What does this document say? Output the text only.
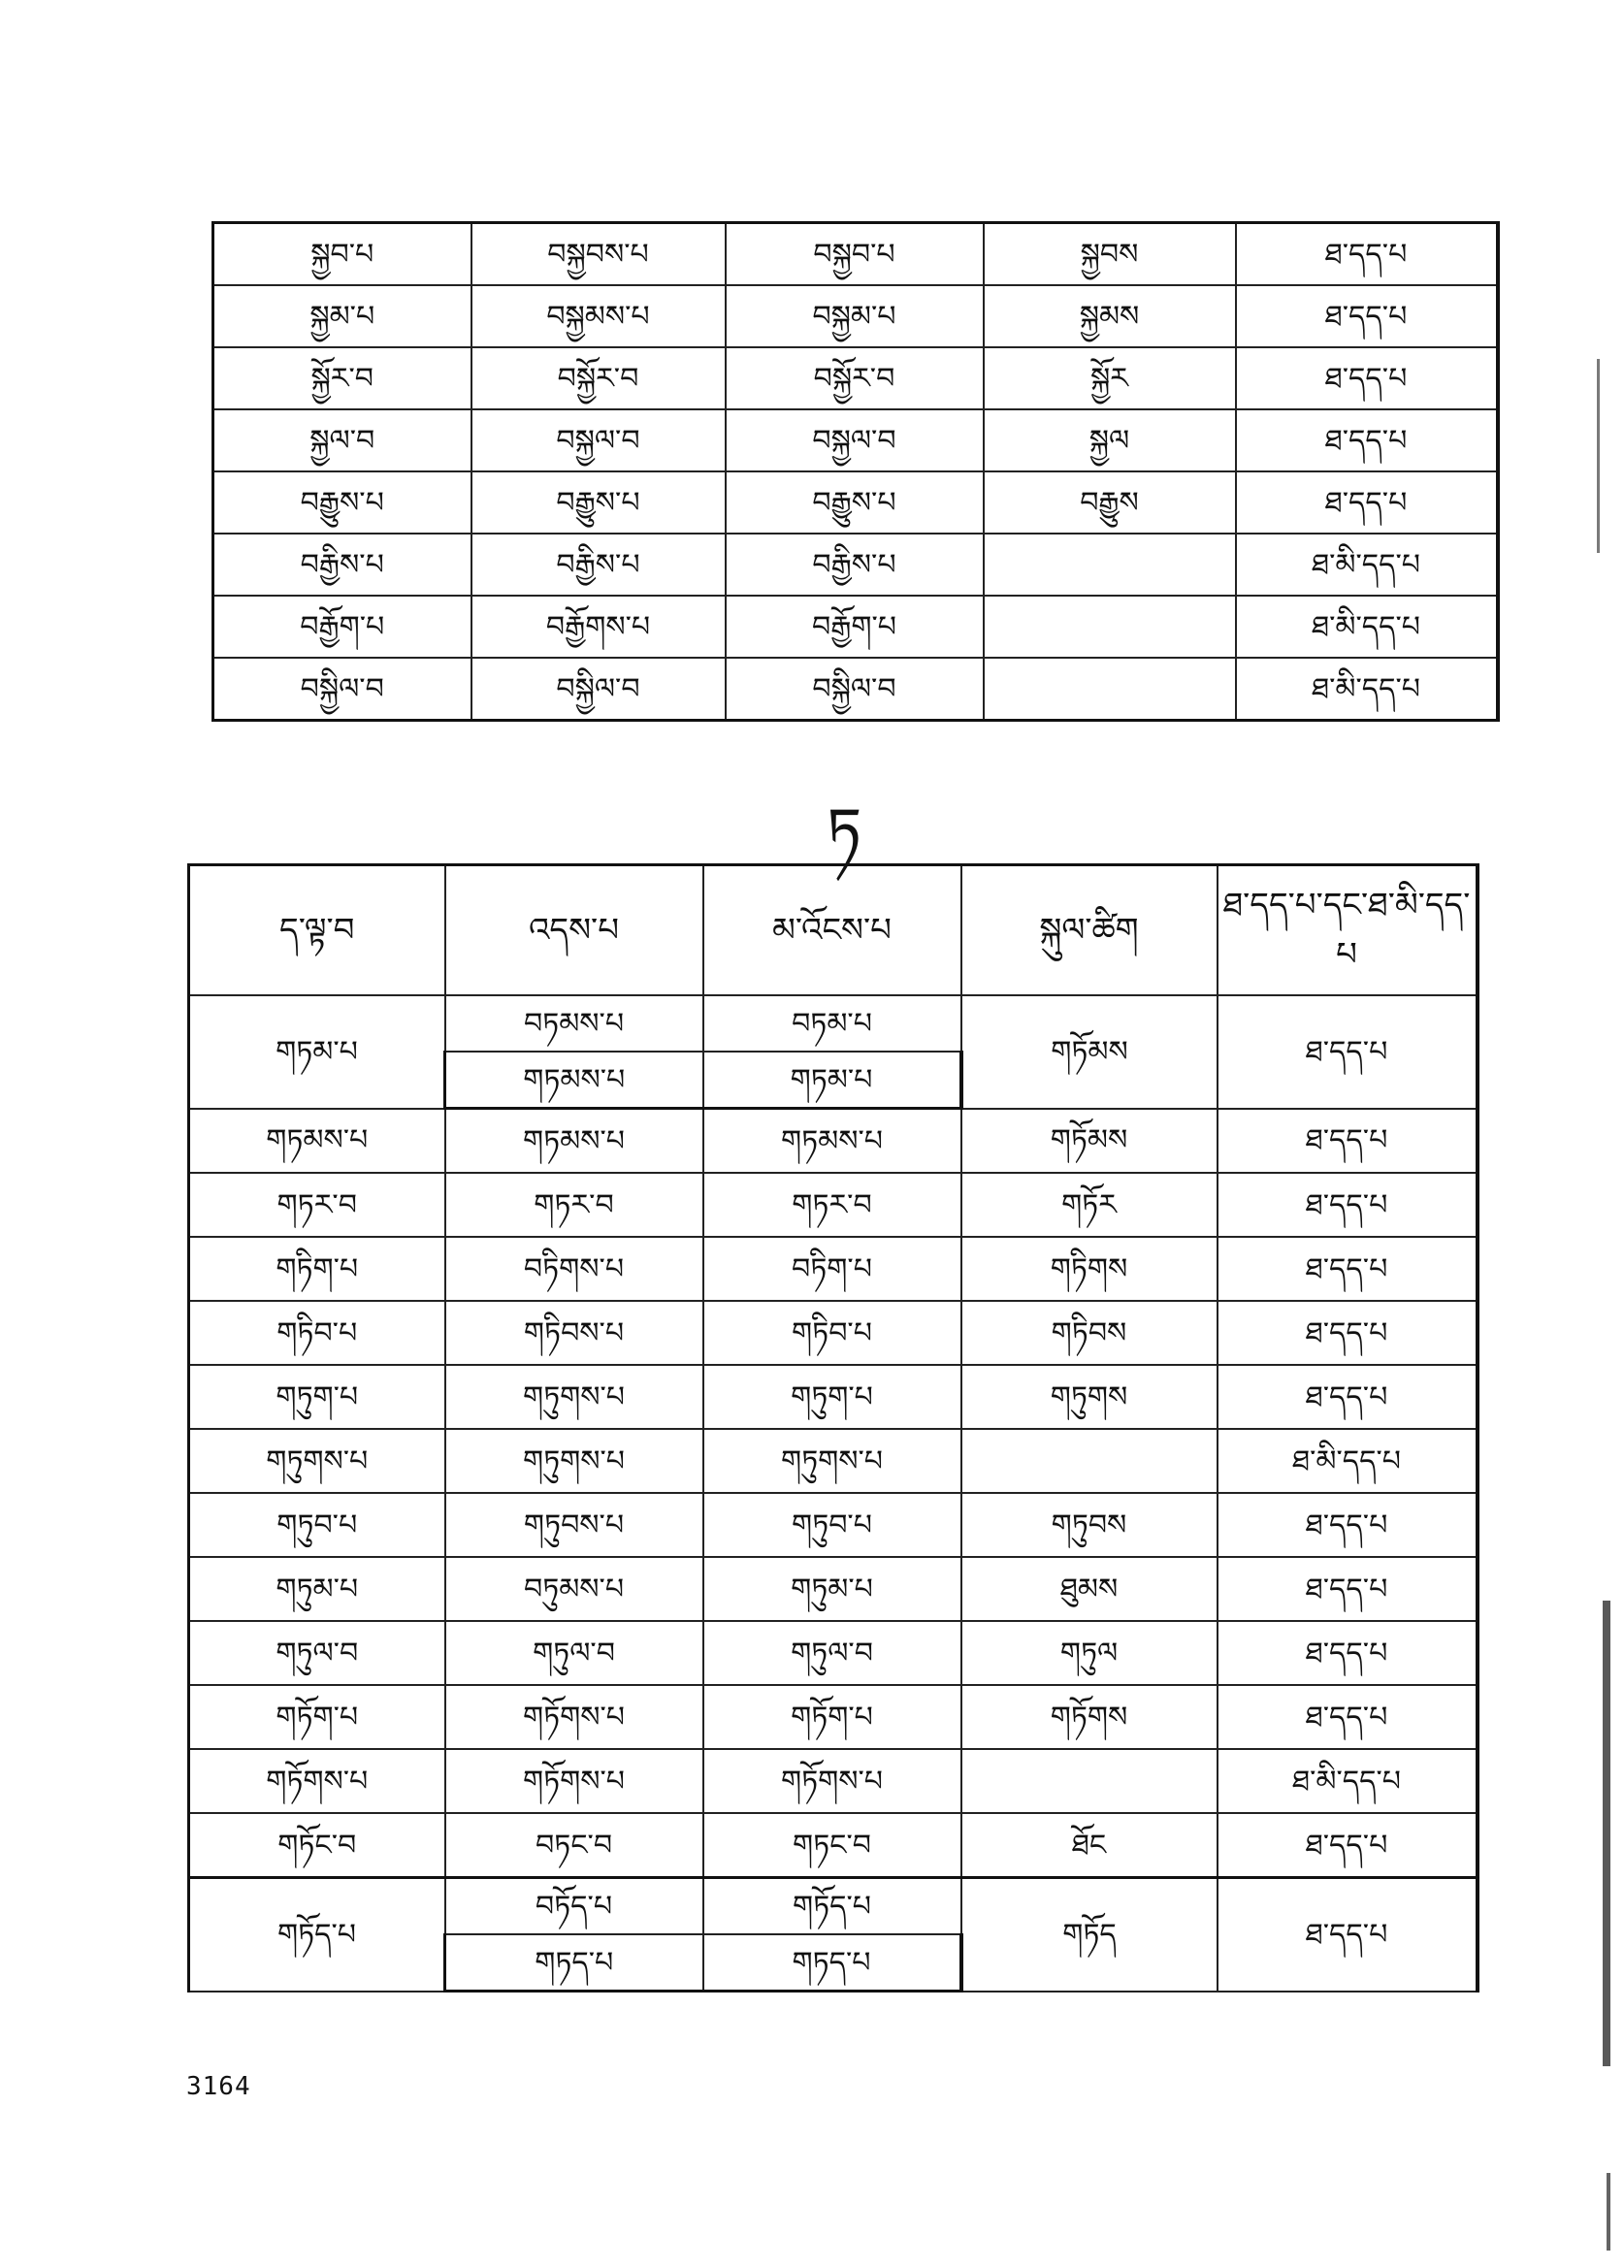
སྐྱབ་པ	བསྐྱབས་པ	བསྐྱབ་པ	སྐྱབས	ཐ་དད་པ
སྐྱམ་པ	བསྐྱམས་པ	བསྐྱམ་པ	སྐྱམས	ཐ་དད་པ
སྐྱོར་བ	བསྐྱོར་བ	བསྐྱོར་བ	སྐྱོར	ཐ་དད་པ
སྐྱལ་བ	བསྐྱལ་བ	བསྐྱལ་བ	སྐྱལ	ཐ་དད་པ
བརྒྱུས་པ	བརྒྱུས་པ	བརྒྱུས་པ	བརྒྱུས	ཐ་དད་པ
བརྒྱིས་པ	བརྒྱིས་པ	བརྒྱིས་པ		ཐ་མི་དད་པ
བརྒྱོག་པ	བརྒྱོགས་པ	བརྒྱོག་པ		ཐ་མི་དད་པ
བསྐྱིལ་བ	བསྐྱིལ་བ	བསྐྱིལ་བ		ཐ་མི་དད་པ
ཏ
ད་ལྟ་བ	འདས་པ	མ་འོངས་པ	སྐུལ་ཚིག	ཐ་དད་པ་དང་ཐ་མི་དད་པ
གཏམ་པ	བཏམས་པ	བཏམ་པ	གཏོམས	ཐ་དད་པ
	གཏམས་པ	གཏམ་པ		
གཏམས་པ	གཏམས་པ	གཏམས་པ	གཏོམས	ཐ་དད་པ
གཏར་བ	གཏར་བ	གཏར་བ	གཏོར	ཐ་དད་པ
གཏིག་པ	བཏིགས་པ	བཏིག་པ	གཏིགས	ཐ་དད་པ
གཏིབ་པ	གཏིབས་པ	གཏིབ་པ	གཏིབས	ཐ་དད་པ
གཏུག་པ	གཏུགས་པ	གཏུག་པ	གཏུགས	ཐ་དད་པ
གཏུགས་པ	གཏུགས་པ	གཏུགས་པ		ཐ་མི་དད་པ
གཏུབ་པ	གཏུབས་པ	གཏུབ་པ	གཏུབས	ཐ་དད་པ
གཏུམ་པ	བཏུམས་པ	གཏུམ་པ	ཐུམས	ཐ་དད་པ
གཏུལ་བ	གཏུལ་བ	གཏུལ་བ	གཏུལ	ཐ་དད་པ
གཏོག་པ	གཏོགས་པ	གཏོག་པ	གཏོགས	ཐ་དད་པ
གཏོགས་པ	གཏོགས་པ	གཏོགས་པ		ཐ་མི་དད་པ
གཏོང་བ	བཏང་བ	གཏང་བ	ཐོང	ཐ་དད་པ
གཏོད་པ	བཏོད་པ	གཏོད་པ	གཏོད	ཐ་དད་པ
	གཏད་པ	གཏད་པ		
3164
